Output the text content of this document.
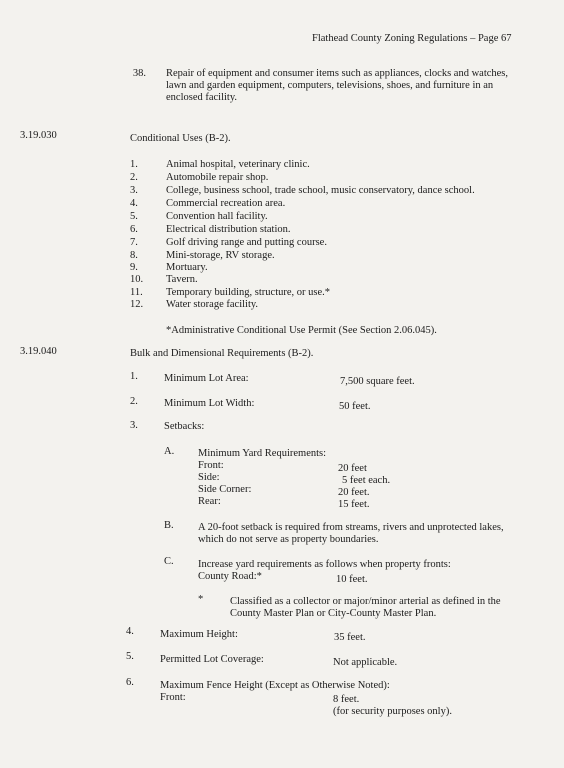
Flathead County Zoning Regulations – Page 67
38. Repair of equipment and consumer items such as appliances, clocks and watches, lawn and garden equipment, computers, televisions, shoes, and furniture in an enclosed facility.
3.19.030	Conditional Uses (B-2).
1.	Animal hospital, veterinary clinic.
2.	Automobile repair shop.
3.	College, business school, trade school, music conservatory, dance school.
4.	Commercial recreation area.
5.	Convention hall facility.
6.	Electrical distribution station.
7.	Golf driving range and putting course.
8.	Mini-storage, RV storage.
9.	Mortuary.
10. Tavern.
11. Temporary building, structure, or use.*
12. Water storage facility.
*Administrative Conditional Use Permit (See Section 2.06.045).
3.19.040	Bulk and Dimensional Requirements (B-2).
1. Minimum Lot Area:	7,500 square feet.
2. Minimum Lot Width:	50 feet.
3. Setbacks:
A. Minimum Yard Requirements:
Front:	20 feet
Side:	5 feet each.
Side Corner:	20 feet.
Rear:	15 feet.
B. A 20-foot setback is required from streams, rivers and unprotected lakes, which do not serve as property boundaries.
C. Increase yard requirements as follows when property fronts:
County Road:*	10 feet.
*	Classified as a collector or major/minor arterial as defined in the County Master Plan or City-County Master Plan.
4. Maximum Height:	35 feet.
5. Permitted Lot Coverage:	Not applicable.
6. Maximum Fence Height (Except as Otherwise Noted):
Front:	8 feet.
(for security purposes only).
